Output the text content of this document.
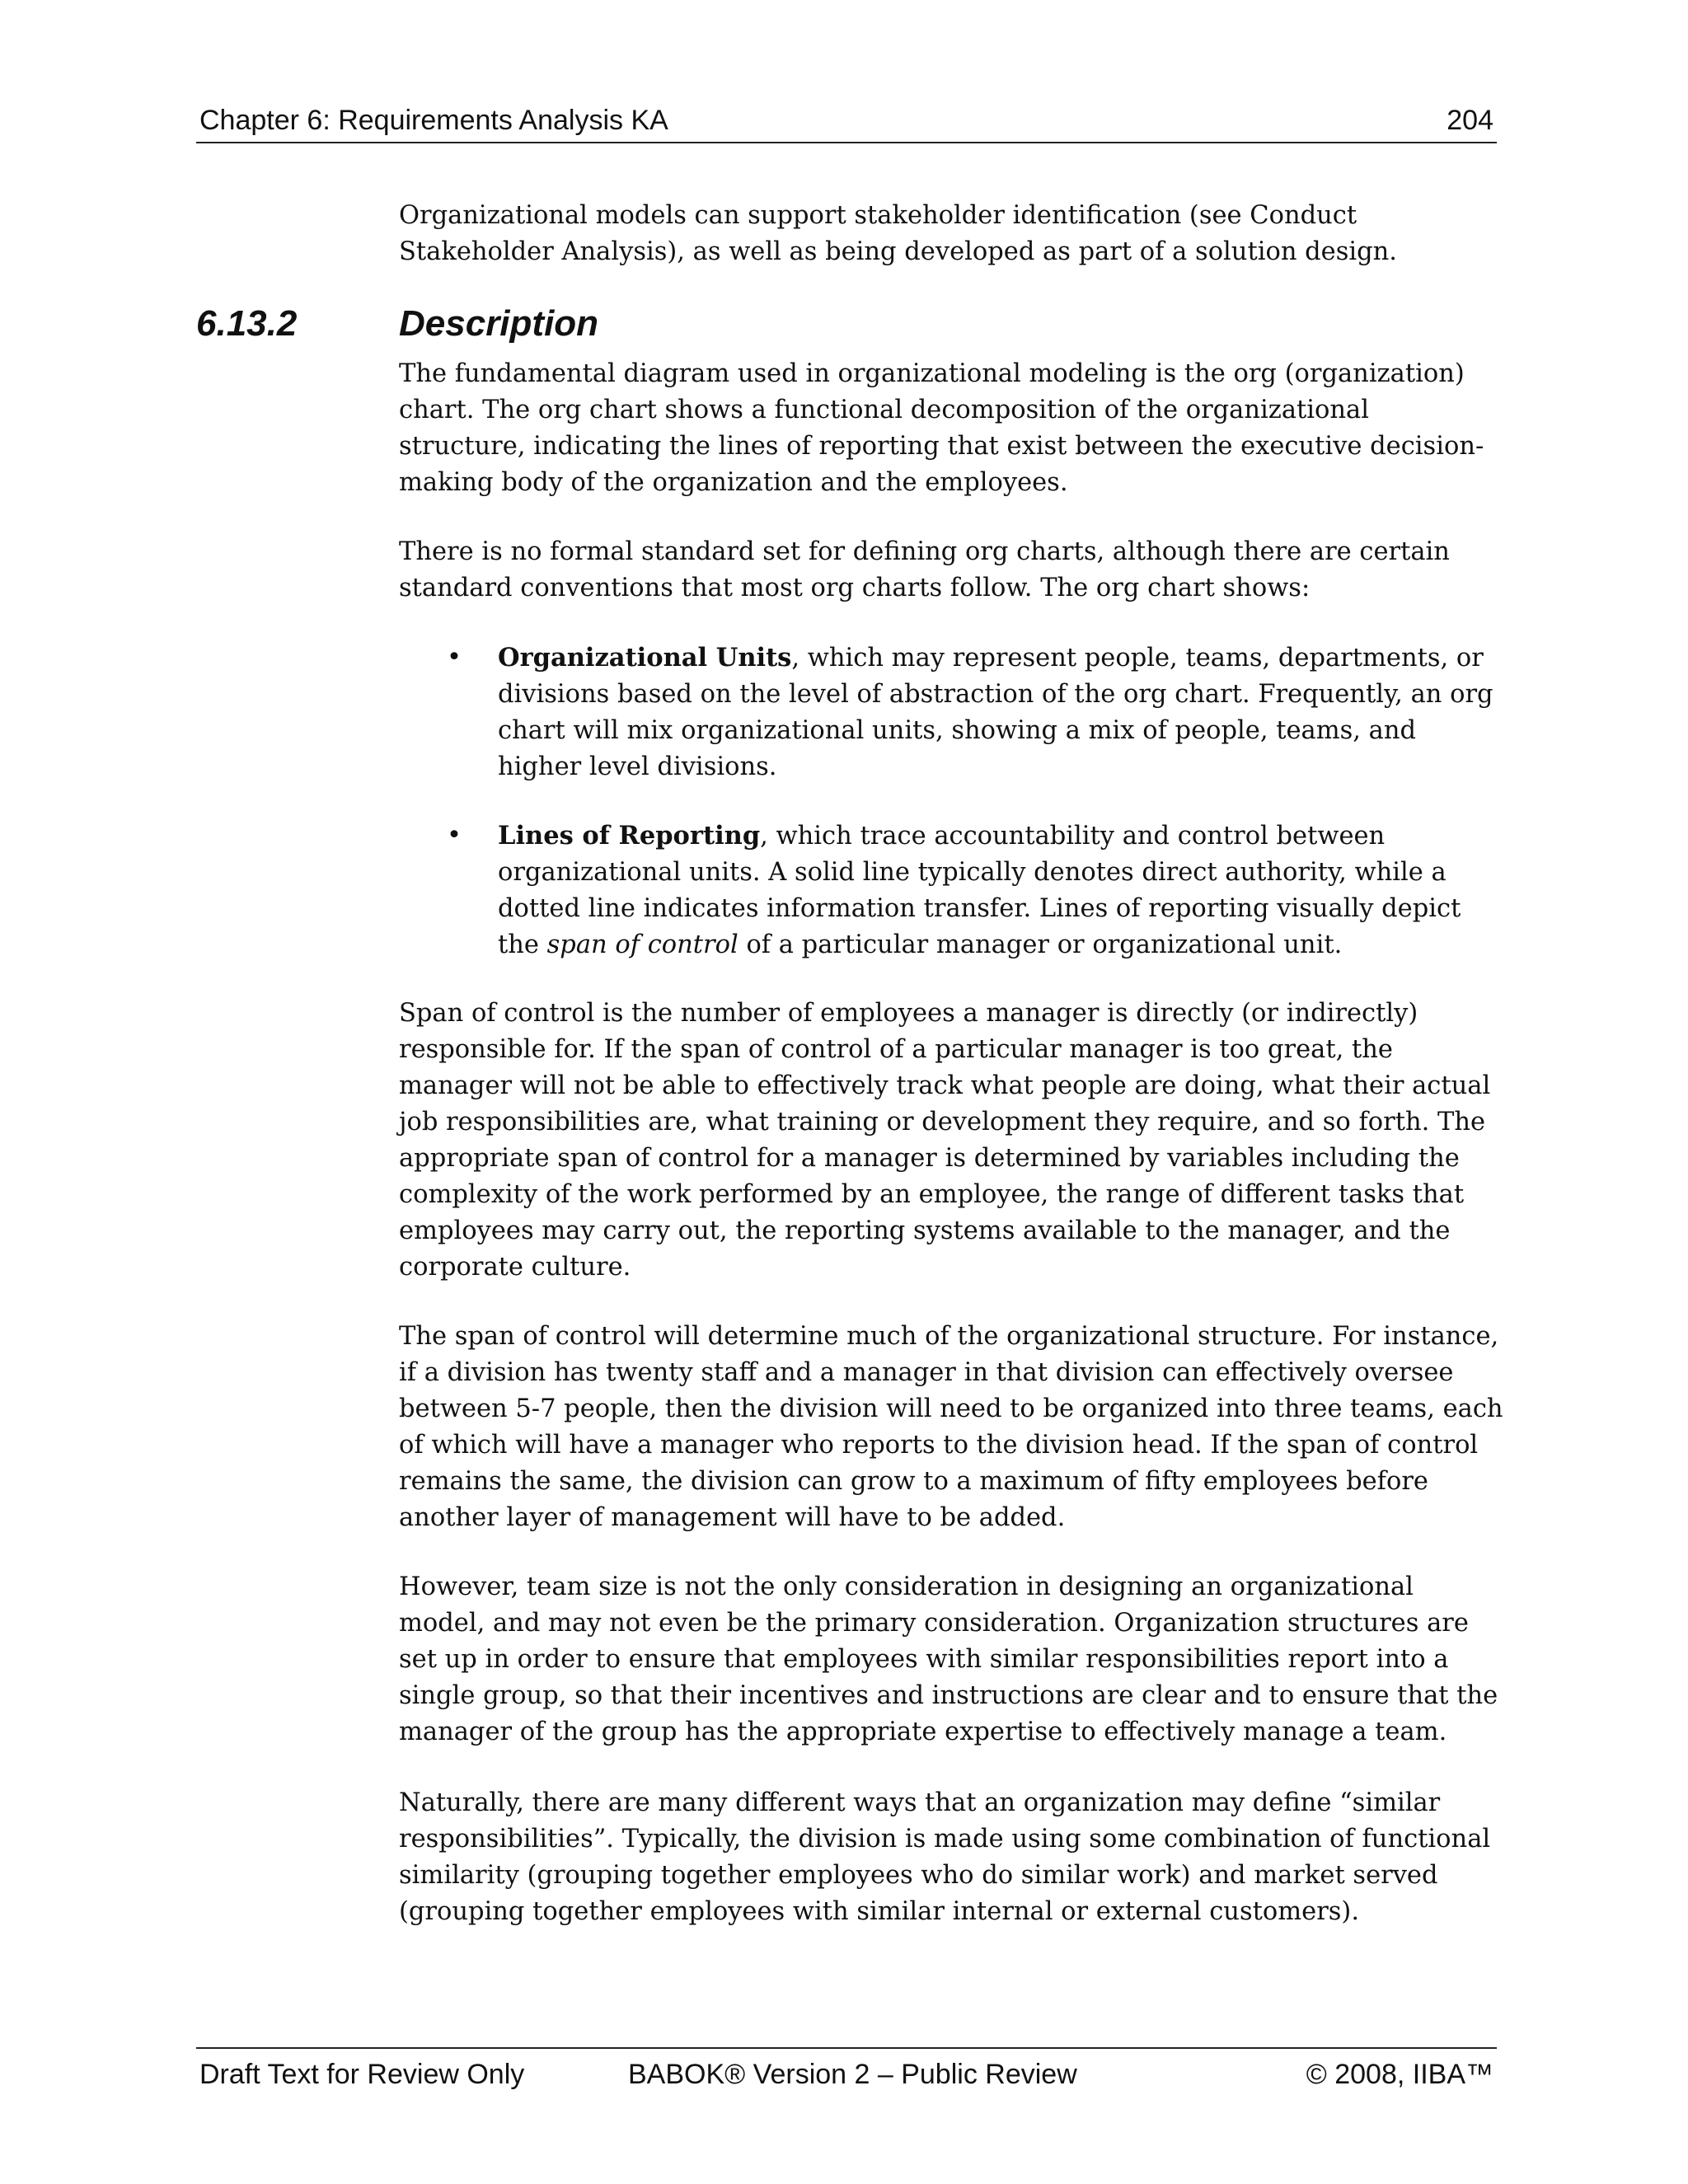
Chapter 6: Requirements Analysis KA	204

Organizational models can support stakeholder identification (see Conduct Stakeholder Analysis), as well as being developed as part of a solution design.

6.13.2	Description

The fundamental diagram used in organizational modeling is the org (organization) chart. The org chart shows a functional decomposition of the organizational structure, indicating the lines of reporting that exist between the executive decision-making body of the organization and the employees.

There is no formal standard set for defining org charts, although there are certain standard conventions that most org charts follow. The org chart shows:

• Organizational Units, which may represent people, teams, departments, or divisions based on the level of abstraction of the org chart. Frequently, an org chart will mix organizational units, showing a mix of people, teams, and higher level divisions.
• Lines of Reporting, which trace accountability and control between organizational units. A solid line typically denotes direct authority, while a dotted line indicates information transfer. Lines of reporting visually depict the span of control of a particular manager or organizational unit.

Span of control is the number of employees a manager is directly (or indirectly) responsible for. If the span of control of a particular manager is too great, the manager will not be able to effectively track what people are doing, what their actual job responsibilities are, what training or development they require, and so forth. The appropriate span of control for a manager is determined by variables including the complexity of the work performed by an employee, the range of different tasks that employees may carry out, the reporting systems available to the manager, and the corporate culture.

The span of control will determine much of the organizational structure. For instance, if a division has twenty staff and a manager in that division can effectively oversee between 5-7 people, then the division will need to be organized into three teams, each of which will have a manager who reports to the division head. If the span of control remains the same, the division can grow to a maximum of fifty employees before another layer of management will have to be added.

However, team size is not the only consideration in designing an organizational model, and may not even be the primary consideration. Organization structures are set up in order to ensure that employees with similar responsibilities report into a single group, so that their incentives and instructions are clear and to ensure that the manager of the group has the appropriate expertise to effectively manage a team.

Naturally, there are many different ways that an organization may define “similar responsibilities”. Typically, the division is made using some combination of functional similarity (grouping together employees who do similar work) and market served (grouping together employees with similar internal or external customers).

Draft Text for Review Only	BABOK® Version 2 – Public Review	© 2008, IIBA™
